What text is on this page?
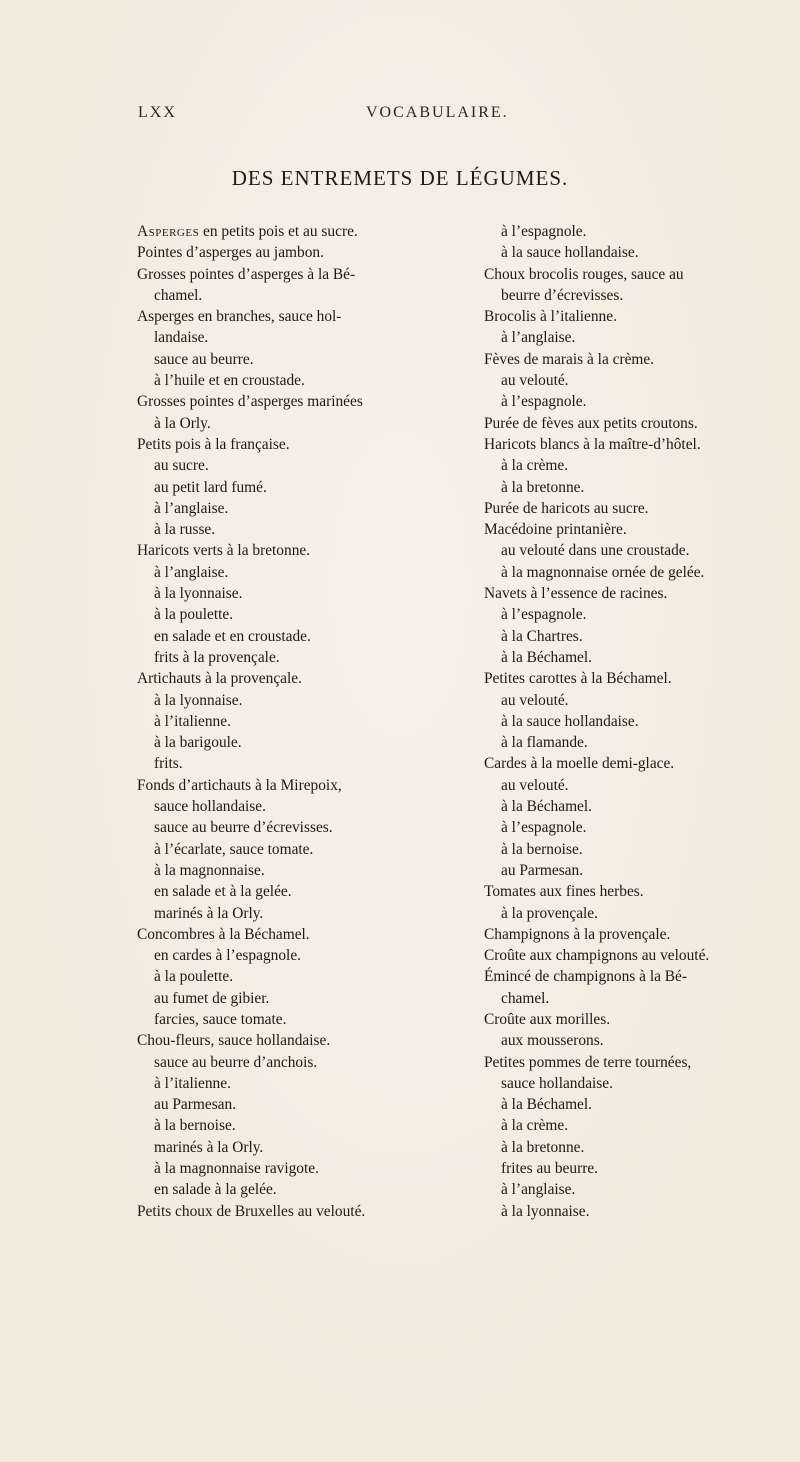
LXX	VOCABULAIRE.
DES ENTREMETS DE LÉGUMES.
Asperges en petits pois et au sucre.
Pointes d’asperges au jambon.
Grosses pointes d’asperges à la Bé-
chamel.
Asperges en branches, sauce hol-
landaise.
sauce au beurre.
à l’huile et en croustade.
Grosses pointes d’asperges marinées
à la Orly.
Petits pois à la française.
au sucre.
au petit lard fumé.
à l’anglaise.
à la russe.
Haricots verts à la bretonne.
à l’anglaise.
à la lyonnaise.
à la poulette.
en salade et en croustade.
frits à la provençale.
Artichauts à la provençale.
à la lyonnaise.
à l’italienne.
à la barigoule.
frits.
Fonds d’artichauts à la Mirepoix,
sauce hollandaise.
sauce au beurre d’écrevisses.
à l’écarlate, sauce tomate.
à la magnonnaise.
en salade et à la gelée.
marinés à la Orly.
Concombres à la Béchamel.
en cardes à l’espagnole.
à la poulette.
au fumet de gibier.
farcies, sauce tomate.
Chou-fleurs, sauce hollandaise.
sauce au beurre d’anchois.
à l’italienne.
au Parmesan.
à la bernoise.
marinés à la Orly.
à la magnonnaise ravigote.
en salade à la gelée.
Petits choux de Bruxelles au velouté.
à l’espagnole.
à la sauce hollandaise.
Choux brocolis rouges, sauce au
beurre d’écrevisses.
Brocolis à l’italienne.
à l’anglaise.
Fèves de marais à la crème.
au velouté.
à l’espagnole.
Purée de fèves aux petits croutons.
Haricots blancs à la maître-d’hôtel.
à la crème.
à la bretonne.
Purée de haricots au sucre.
Macédoine printanière.
au velouté dans une croustade.
à la magnonnaise ornée de gelée.
Navets à l’essence de racines.
à l’espagnole.
à la Chartres.
à la Béchamel.
Petites carottes à la Béchamel.
au velouté.
à la sauce hollandaise.
à la flamande.
Cardes à la moelle demi-glace.
au velouté.
à la Béchamel.
à l’espagnole.
à la bernoise.
au Parmesan.
Tomates aux fines herbes.
à la provençale.
Champignons à la provençale.
Croûte aux champignons au velouté.
Émincé de champignons à la Bé-
chamel.
Croûte aux morilles.
aux mousserons.
Petites pommes de terre tournées,
sauce hollandaise.
à la Béchamel.
à la crème.
à la bretonne.
frites au beurre.
à l’anglaise.
à la lyonnaise.
